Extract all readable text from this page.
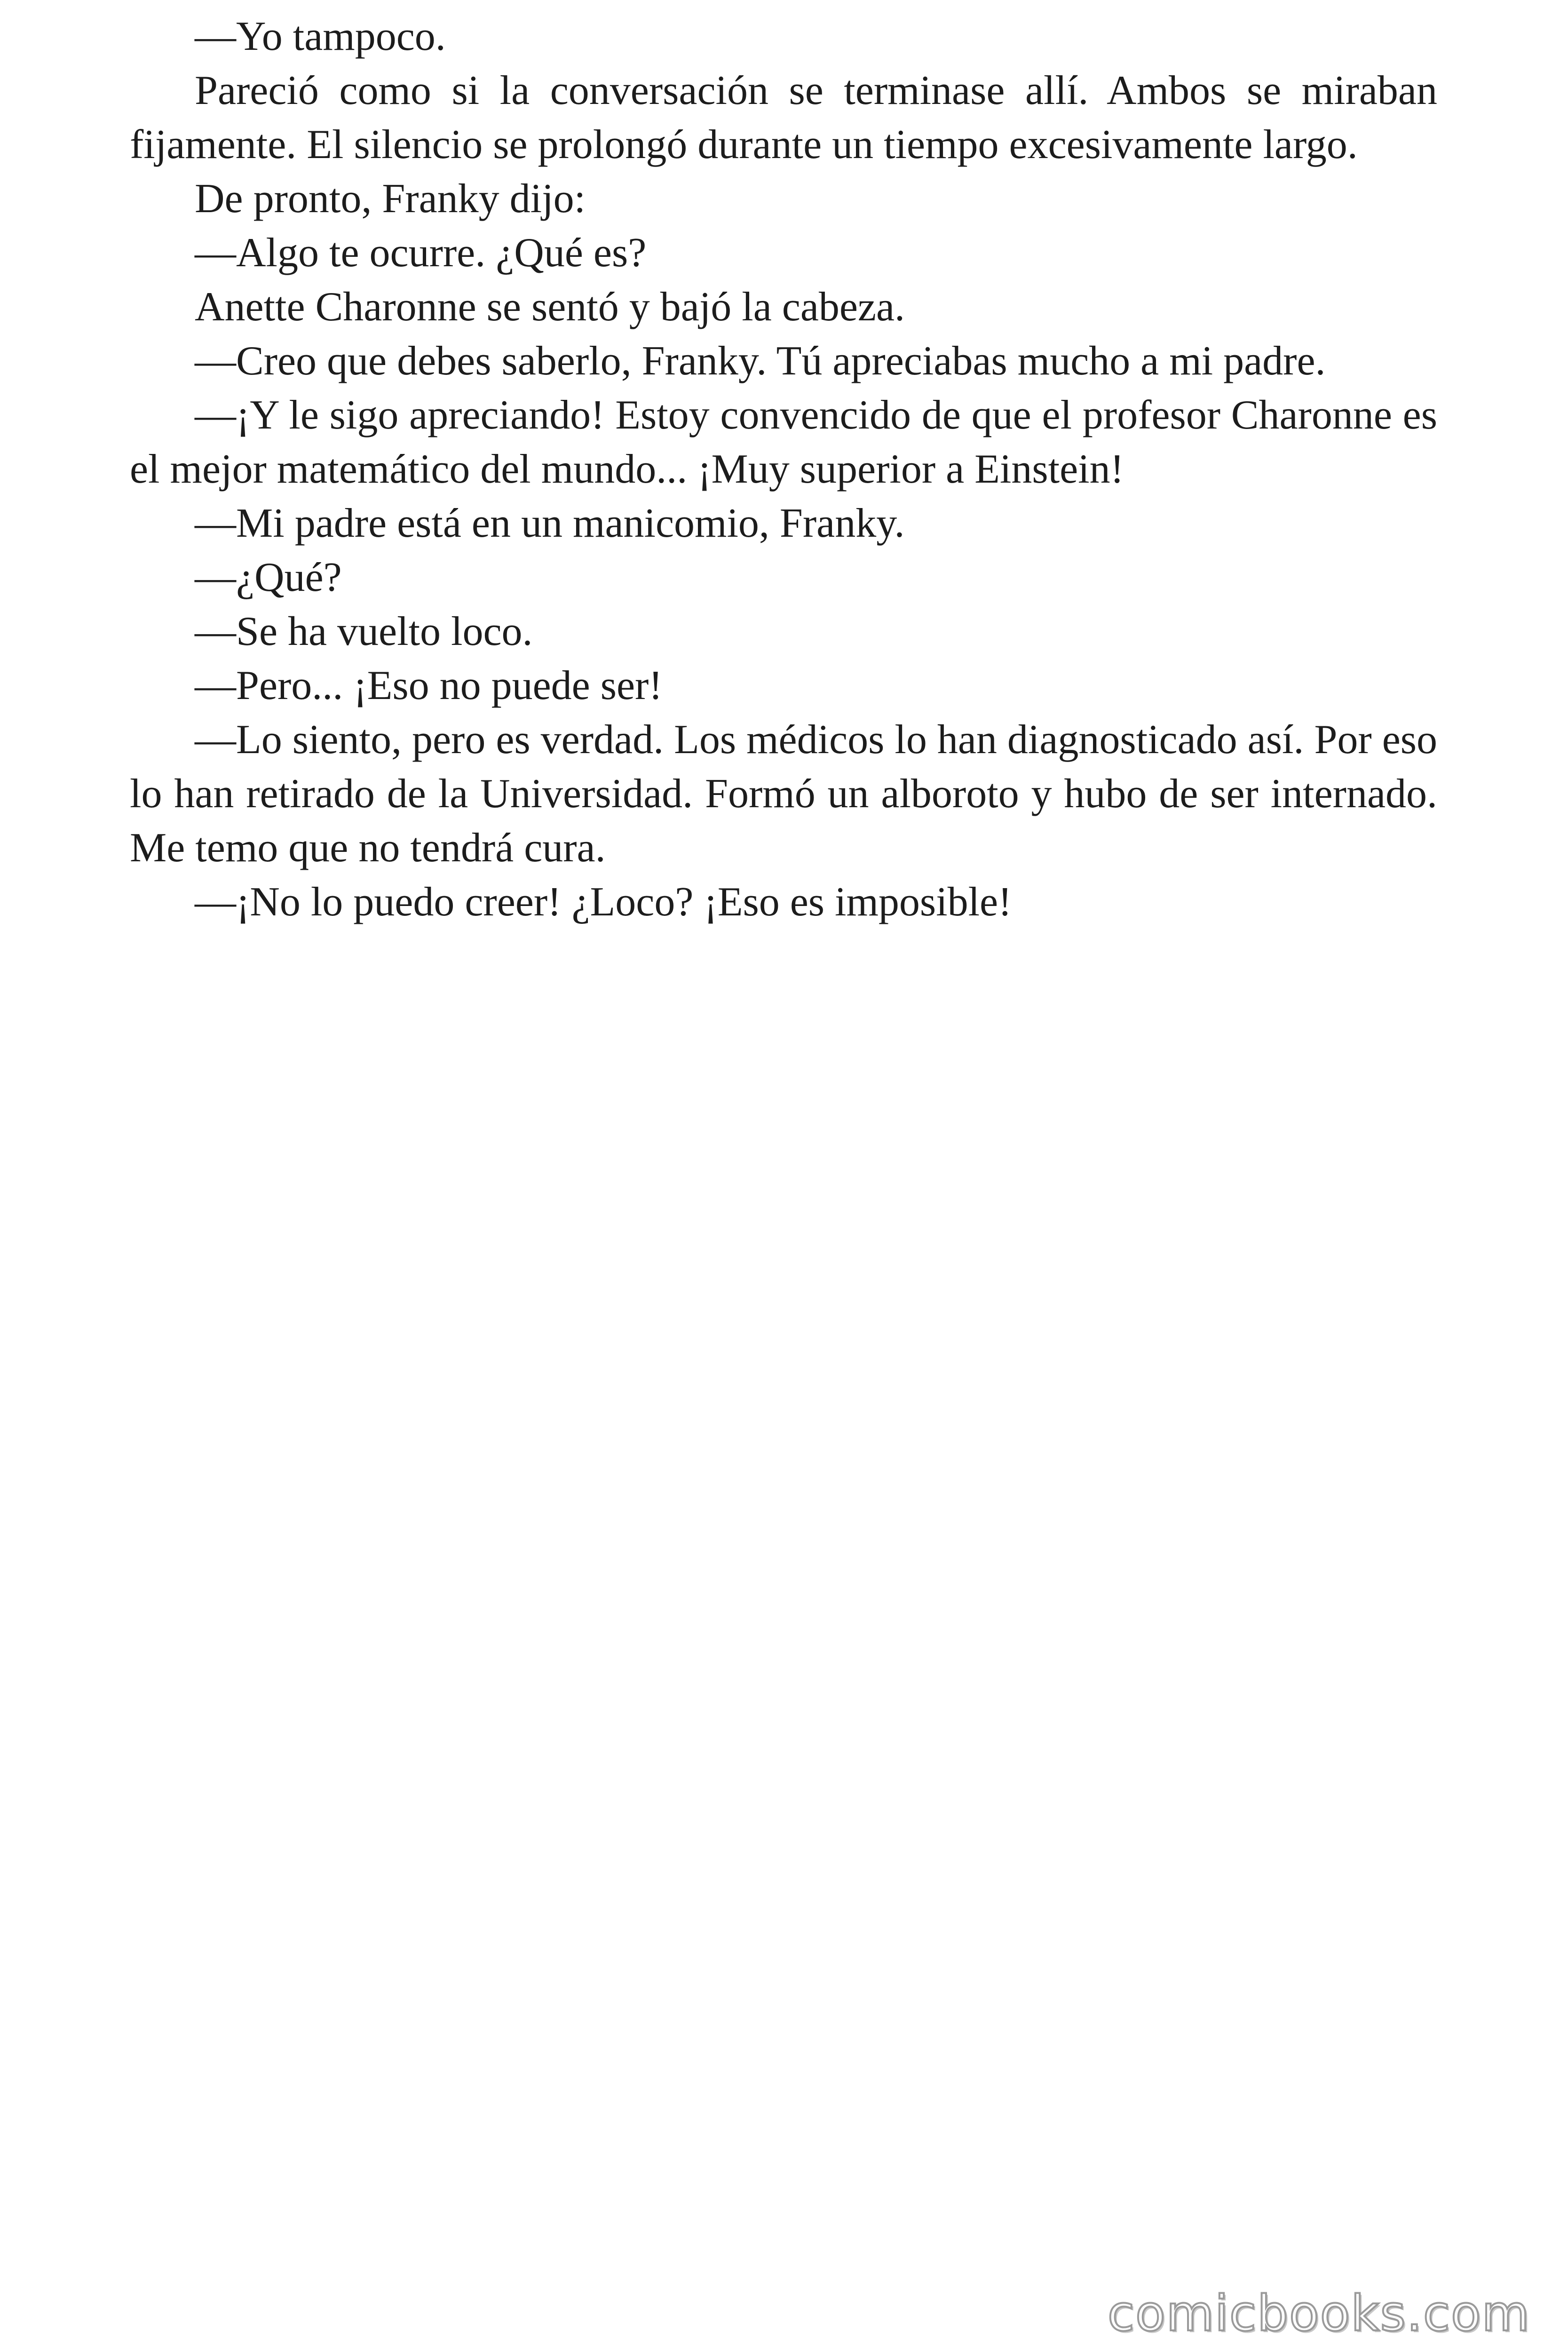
—Yo tampoco.

Pareció como si la conversación se terminase allí. Ambos se miraban fijamente. El silencio se prolongó durante un tiempo excesivamente largo.

De pronto, Franky dijo:

—Algo te ocurre. ¿Qué es?

Anette Charonne se sentó y bajó la cabeza.

—Creo que debes saberlo, Franky. Tú apreciabas mucho a mi padre.

—¡Y le sigo apreciando! Estoy convencido de que el profesor Charonne es el mejor matemático del mundo... ¡Muy superior a Einstein!

—Mi padre está en un manicomio, Franky.

—¿Qué?

—Se ha vuelto loco.

—Pero... ¡Eso no puede ser!

—Lo siento, pero es verdad. Los médicos lo han diagnosticado así. Por eso lo han retirado de la Universidad. Formó un alboroto y hubo de ser internado. Me temo que no tendrá cura.

—¡No lo puedo creer! ¿Loco? ¡Eso es imposible!

comicbooks.com
